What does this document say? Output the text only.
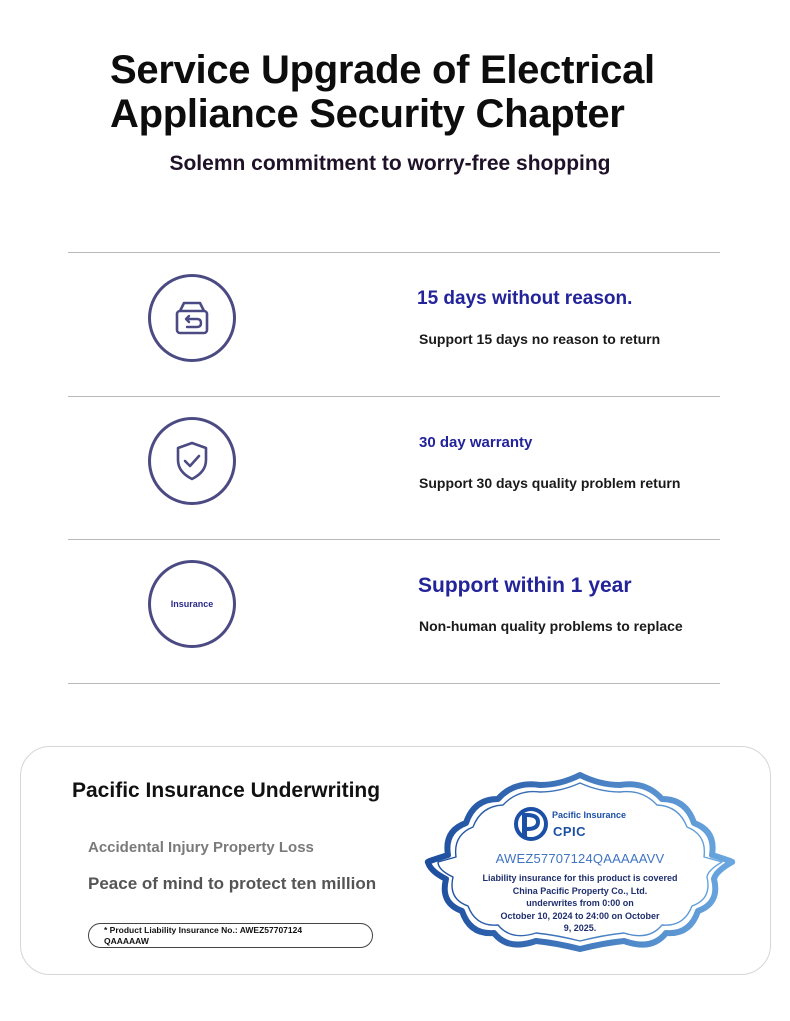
Service Upgrade of Electrical
Appliance Security Chapter
Solemn commitment to worry-free shopping
15 days without reason.
Support 15 days no reason to return
30 day warranty
Support 30 days quality problem return
Insurance
Support within 1 year
Non-human quality problems to replace
Pacific Insurance Underwriting
Accidental Injury Property Loss
Peace of mind to protect ten million
* Product Liability Insurance No.: AWEZ57707124
QAAAAAW
Pacific Insurance
CPIC
AWEZ57707124QAAAAAVV
Liability insurance for this product is covered
China Pacific Property Co., Ltd.
underwrites from 0:00 on
October 10, 2024 to 24:00 on October
9, 2025.
